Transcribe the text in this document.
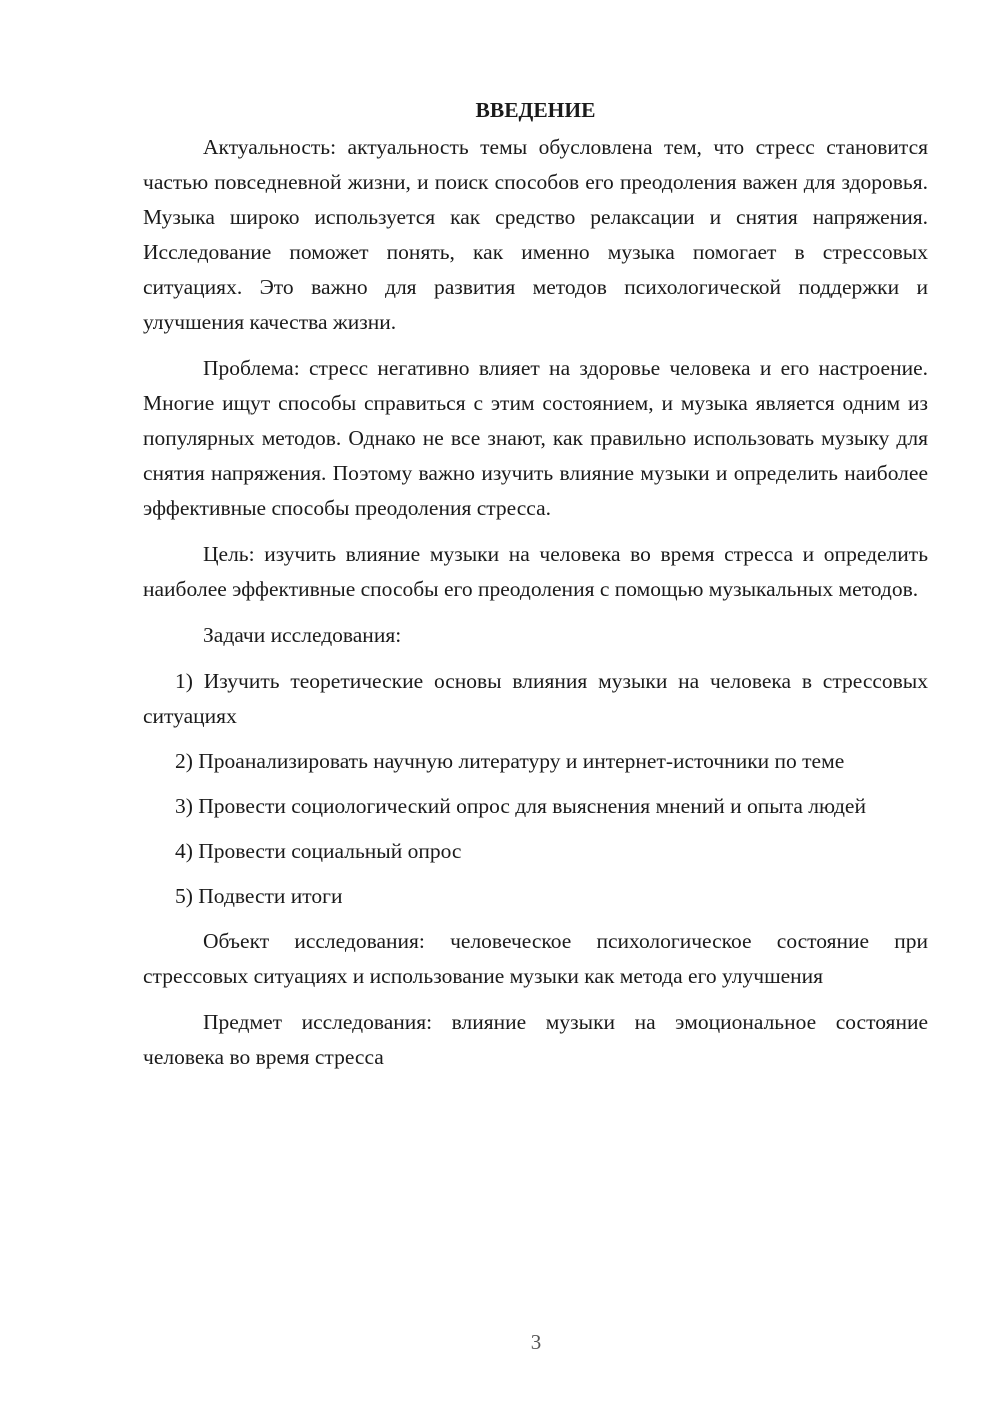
ВВЕДЕНИЕ

Актуальность: актуальность темы обусловлена тем, что стресс становится частью повседневной жизни, и поиск способов его преодоления важен для здоровья. Музыка широко используется как средство релаксации и снятия напряжения. Исследование поможет понять, как именно музыка помогает в стрессовых ситуациях. Это важно для развития методов психологической поддержки и улучшения качества жизни.

Проблема: стресс негативно влияет на здоровье человека и его настроение. Многие ищут способы справиться с этим состоянием, и музыка является одним из популярных методов. Однако не все знают, как правильно использовать музыку для снятия напряжения. Поэтому важно изучить влияние музыки и определить наиболее эффективные способы преодоления стресса.

Цель: изучить влияние музыки на человека во время стресса и определить наиболее эффективные способы его преодоления с помощью музыкальных методов.

Задачи исследования:

1) Изучить теоретические основы влияния музыки на человека в стрессовых ситуациях

2) Проанализировать научную литературу и интернет-источники по теме

3) Провести социологический опрос для выяснения мнений и опыта людей

4) Провести социальный опрос

5) Подвести итоги

Объект исследования: человеческое психологическое состояние при стрессовых ситуациях и использование музыки как метода его улучшения

Предмет исследования: влияние музыки на эмоциональное состояние человека во время стресса

3
